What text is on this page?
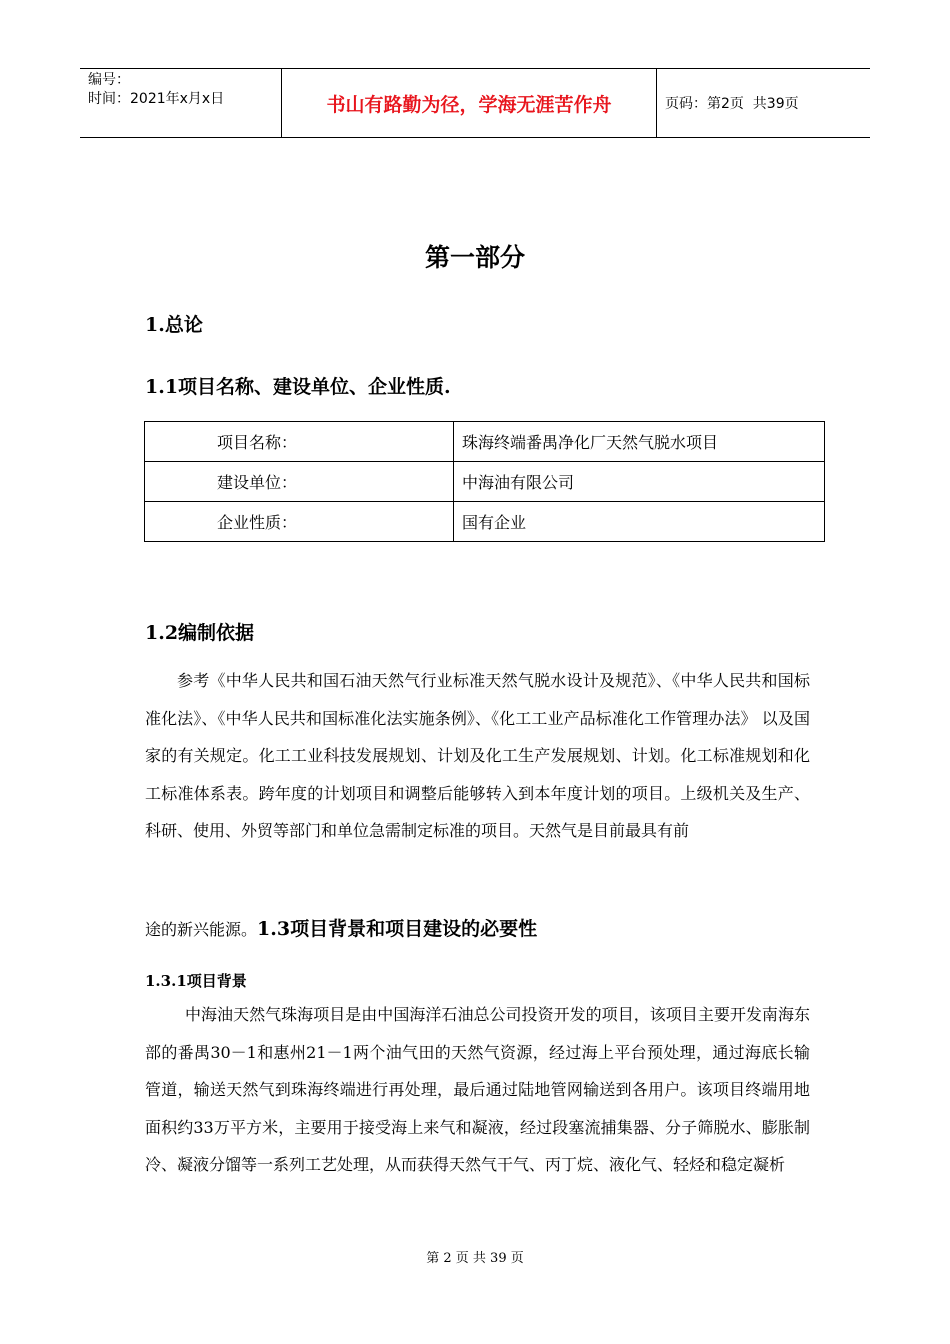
编号：
时间：2021年x月x日	书山有路勤为径，学海无涯苦作舟	页码：第2页  共39页
第一部分
1.总论
1.1项目名称、建设单位、企业性质.
项目名称：	珠海终端番禺净化厂天然气脱水项目
建设单位：	中海油有限公司
企业性质：	国有企业
1.2编制依据

参考《中华人民共和国石油天然气行业标准天然气脱水设计及规范》、《中华人民共和国标准化法》、《中华人民共和国标准化法实施条例》、《化工工业产品标准化工作管理办法》 以及国家的有关规定。化工工业科技发展规划、计划及化工生产发展规划、计划。化工标准规划和化工标准体系表。跨年度的计划项目和调整后能够转入到本年度计划的项目。上级机关及生产、科研、使用、外贸等部门和单位急需制定标准的项目。天然气是目前最具有前

途的新兴能源。1.3项目背景和项目建设的必要性
1.3.1项目背景

中海油天然气珠海项目是由中国海洋石油总公司投资开发的项目，该项目主要开发南海东部的番禺30－1和惠州21－1两个油气田的天然气资源，经过海上平台预处理，通过海底长输管道，输送天然气到珠海终端进行再处理，最后通过陆地管网输送到各用户。该项目终端用地面积约33万平方米，主要用于接受海上来气和凝液，经过段塞流捕集器、分子筛脱水、膨胀制冷、凝液分馏等一系列工艺处理，从而获得天然气干气、丙丁烷、液化气、轻烃和稳定凝析

第 2 页 共 39 页
